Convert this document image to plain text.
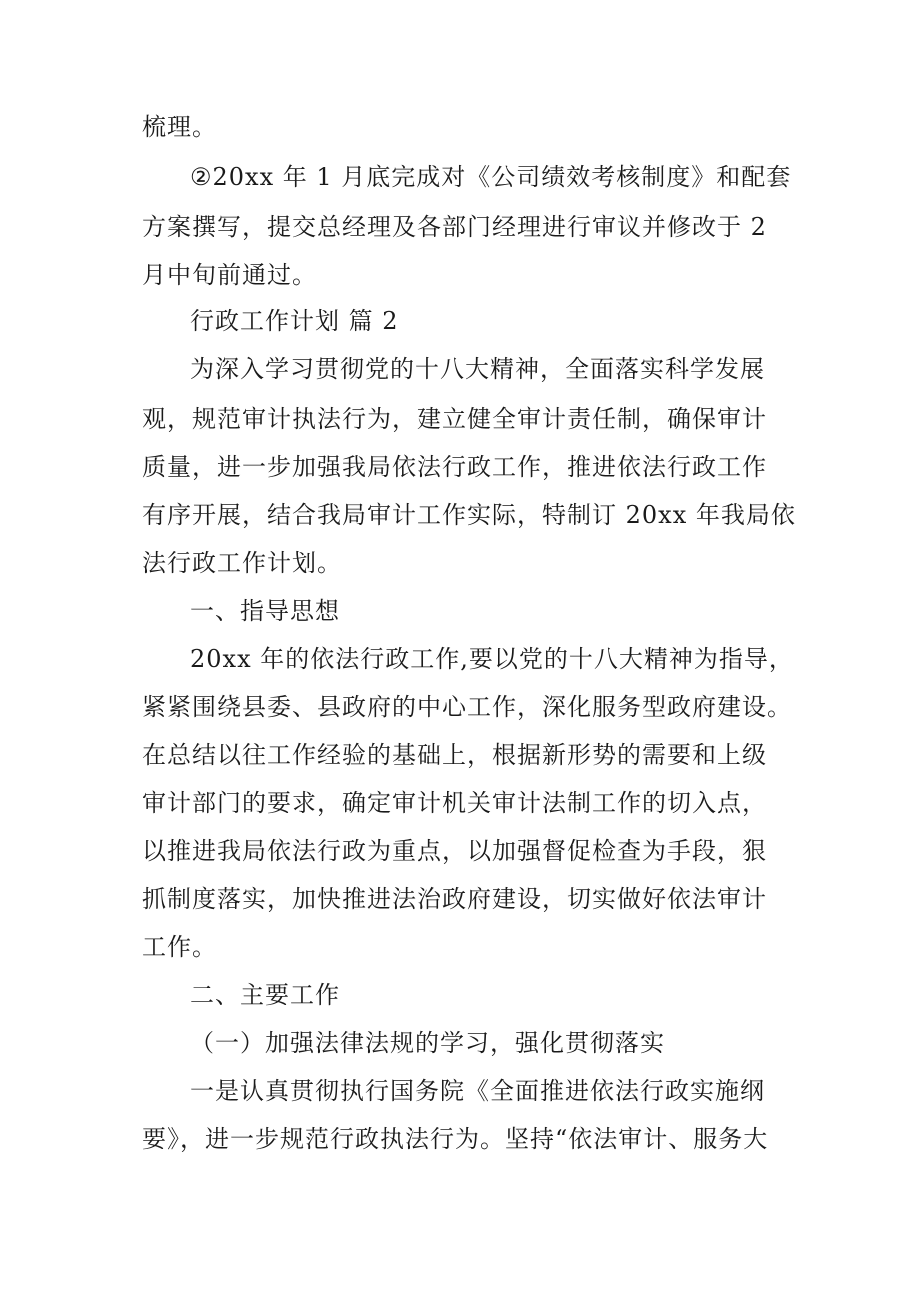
梳理。
②20xx 年 1 月底完成对《公司绩效考核制度》和配套
方案撰写，提交总经理及各部门经理进行审议并修改于 2
月中旬前通过。
行政工作计划 篇 2
为深入学习贯彻党的十八大精神，全面落实科学发展
观，规范审计执法行为，建立健全审计责任制，确保审计
质量，进一步加强我局依法行政工作，推进依法行政工作
有序开展，结合我局审计工作实际，特制订 20xx 年我局依
法行政工作计划。
一、指导思想
20xx 年的依法行政工作,要以党的十八大精神为指导，
紧紧围绕县委、县政府的中心工作，深化服务型政府建设。
在总结以往工作经验的基础上，根据新形势的需要和上级
审计部门的要求，确定审计机关审计法制工作的切入点，
以推进我局依法行政为重点，以加强督促检查为手段，狠
抓制度落实，加快推进法治政府建设，切实做好依法审计
工作。
二、主要工作
（一）加强法律法规的学习，强化贯彻落实
一是认真贯彻执行国务院《全面推进依法行政实施纲
要》，进一步规范行政执法行为。坚持“依法审计、服务大
